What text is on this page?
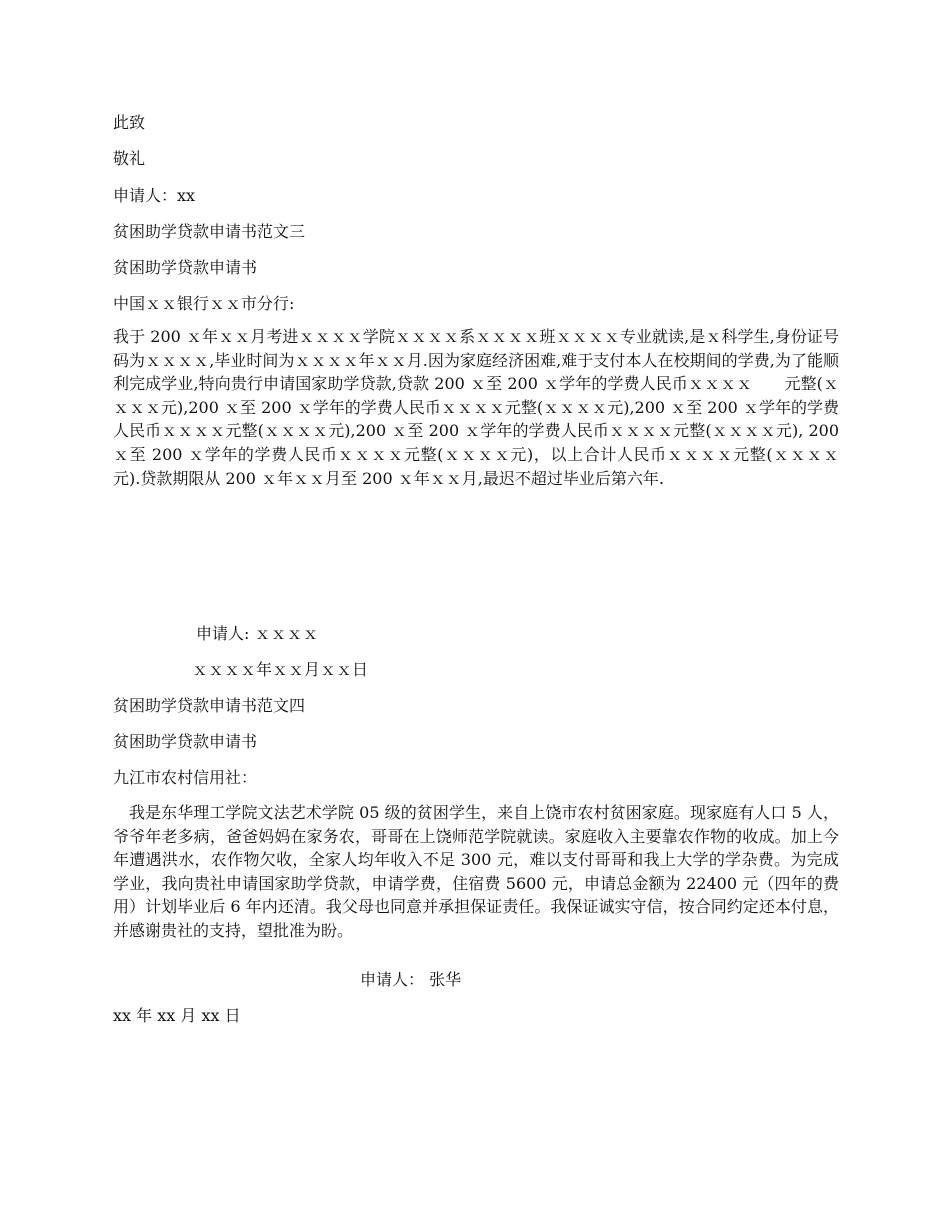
此致
敬礼
申请人：xx
贫困助学贷款申请书范文三
贫困助学贷款申请书
中国ｘｘ银行ｘｘ市分行:
我于 200 ｘ年ｘｘ月考进ｘｘｘｘ学院ｘｘｘｘ系ｘｘｘｘ班ｘｘｘｘ专业就读,是ｘ科学生,身份证号码为ｘｘｘｘ,毕业时间为ｘｘｘｘ年ｘｘ月.因为家庭经济困难,难于支付本人在校期间的学费,为了能顺利完成学业,特向贵行申请国家助学贷款,贷款 200 ｘ至 200 ｘ学年的学费人民币ｘｘｘｘ　　元整(ｘｘｘｘ元),200 ｘ至 200 ｘ学年的学费人民币ｘｘｘｘ元整(ｘｘｘｘ元),200 ｘ至 200 ｘ学年的学费人民币ｘｘｘｘ元整(ｘｘｘｘ元),200 ｘ至 200 ｘ学年的学费人民币ｘｘｘｘ元整(ｘｘｘｘ元), 200 ｘ至 200 ｘ学年的学费人民币ｘｘｘｘ元整(ｘｘｘｘ元)，以上合计人民币ｘｘｘｘ元整(ｘｘｘｘ元).贷款期限从 200 ｘ年ｘｘ月至 200 ｘ年ｘｘ月,最迟不超过毕业后第六年.
申请人: ｘｘｘｘ
ｘｘｘｘ年ｘｘ月ｘｘ日
贫困助学贷款申请书范文四
贫困助学贷款申请书
九江市农村信用社：
我是东华理工学院文法艺术学院 05 级的贫困学生，来自上饶市农村贫困家庭。现家庭有人口 5 人，爷爷年老多病，爸爸妈妈在家务农，哥哥在上饶师范学院就读。家庭收入主要靠农作物的收成。加上今年遭遇洪水，农作物欠收，全家人均年收入不足 300 元，难以支付哥哥和我上大学的学杂费。为完成学业，我向贵社申请国家助学贷款，申请学费，住宿费 5600 元，申请总金额为 22400 元（四年的费用）计划毕业后 6 年内还清。我父母也同意并承担保证责任。我保证诚实守信，按合同约定还本付息，并感谢贵社的支持，望批准为盼。
申请人： 张华
xx 年 xx 月 xx 日
